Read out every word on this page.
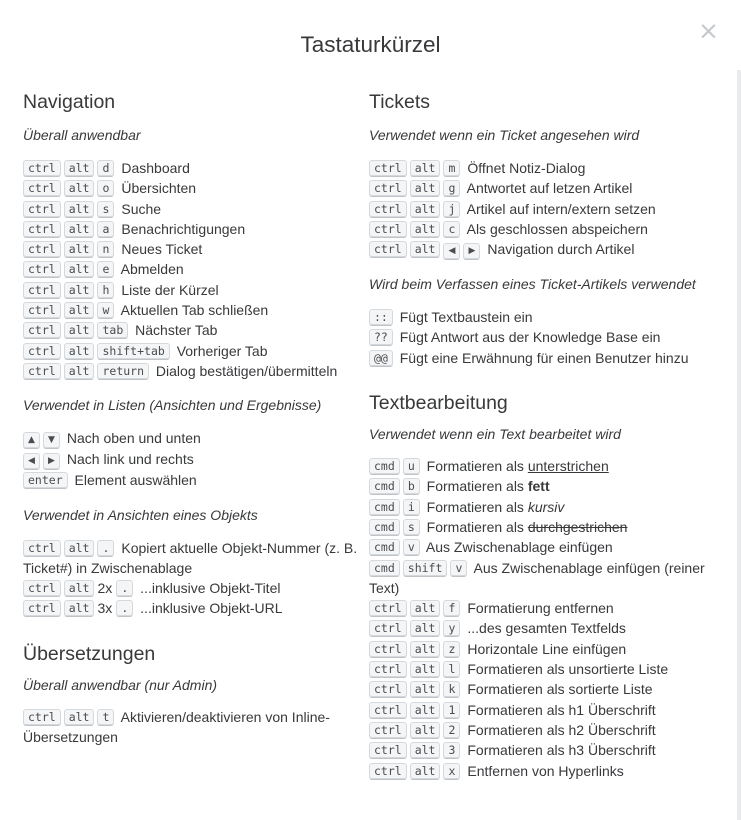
×
Tastaturkürzel
Navigation
Überall anwendbar
ctrl alt d Dashboard
ctrl alt o Übersichten
ctrl alt s Suche
ctrl alt a Benachrichtigungen
ctrl alt n Neues Ticket
ctrl alt e Abmelden
ctrl alt h Liste der Kürzel
ctrl alt w Aktuellen Tab schließen
ctrl alt tab Nächster Tab
ctrl alt shift+tab Vorheriger Tab
ctrl alt return Dialog bestätigen/übermitteln
Verwendet in Listen (Ansichten und Ergebnisse)
▲ ▼ Nach oben und unten
◀ ▶ Nach link und rechts
enter Element auswählen
Verwendet in Ansichten eines Objekts
ctrl alt . Kopiert aktuelle Objekt-Nummer (z. B. Ticket#) in Zwischenablage
ctrl alt 2x . ...inklusive Objekt-Titel
ctrl alt 3x . ...inklusive Objekt-URL
Übersetzungen
Überall anwendbar (nur Admin)
ctrl alt t Aktivieren/deaktivieren von Inline-Übersetzungen
Tickets
Verwendet wenn ein Ticket angesehen wird
ctrl alt m Öffnet Notiz-Dialog
ctrl alt g Antwortet auf letzen Artikel
ctrl alt j Artikel auf intern/extern setzen
ctrl alt c Als geschlossen abspeichern
ctrl alt ◀ ▶ Navigation durch Artikel
Wird beim Verfassen eines Ticket-Artikels verwendet
:: Fügt Textbaustein ein
?? Fügt Antwort aus der Knowledge Base ein
@@ Fügt eine Erwähnung für einen Benutzer hinzu
Textbearbeitung
Verwendet wenn ein Text bearbeitet wird
cmd u Formatieren als unterstrichen
cmd b Formatieren als fett
cmd i Formatieren als kursiv
cmd s Formatieren als durchgestrichen
cmd v Aus Zwischenablage einfügen
cmd shift v Aus Zwischenablage einfügen (reiner Text)
ctrl alt f Formatierung entfernen
ctrl alt y ...des gesamten Textfelds
ctrl alt z Horizontale Line einfügen
ctrl alt l Formatieren als unsortierte Liste
ctrl alt k Formatieren als sortierte Liste
ctrl alt 1 Formatieren als h1 Überschrift
ctrl alt 2 Formatieren als h2 Überschrift
ctrl alt 3 Formatieren als h3 Überschrift
ctrl alt x Entfernen von Hyperlinks
